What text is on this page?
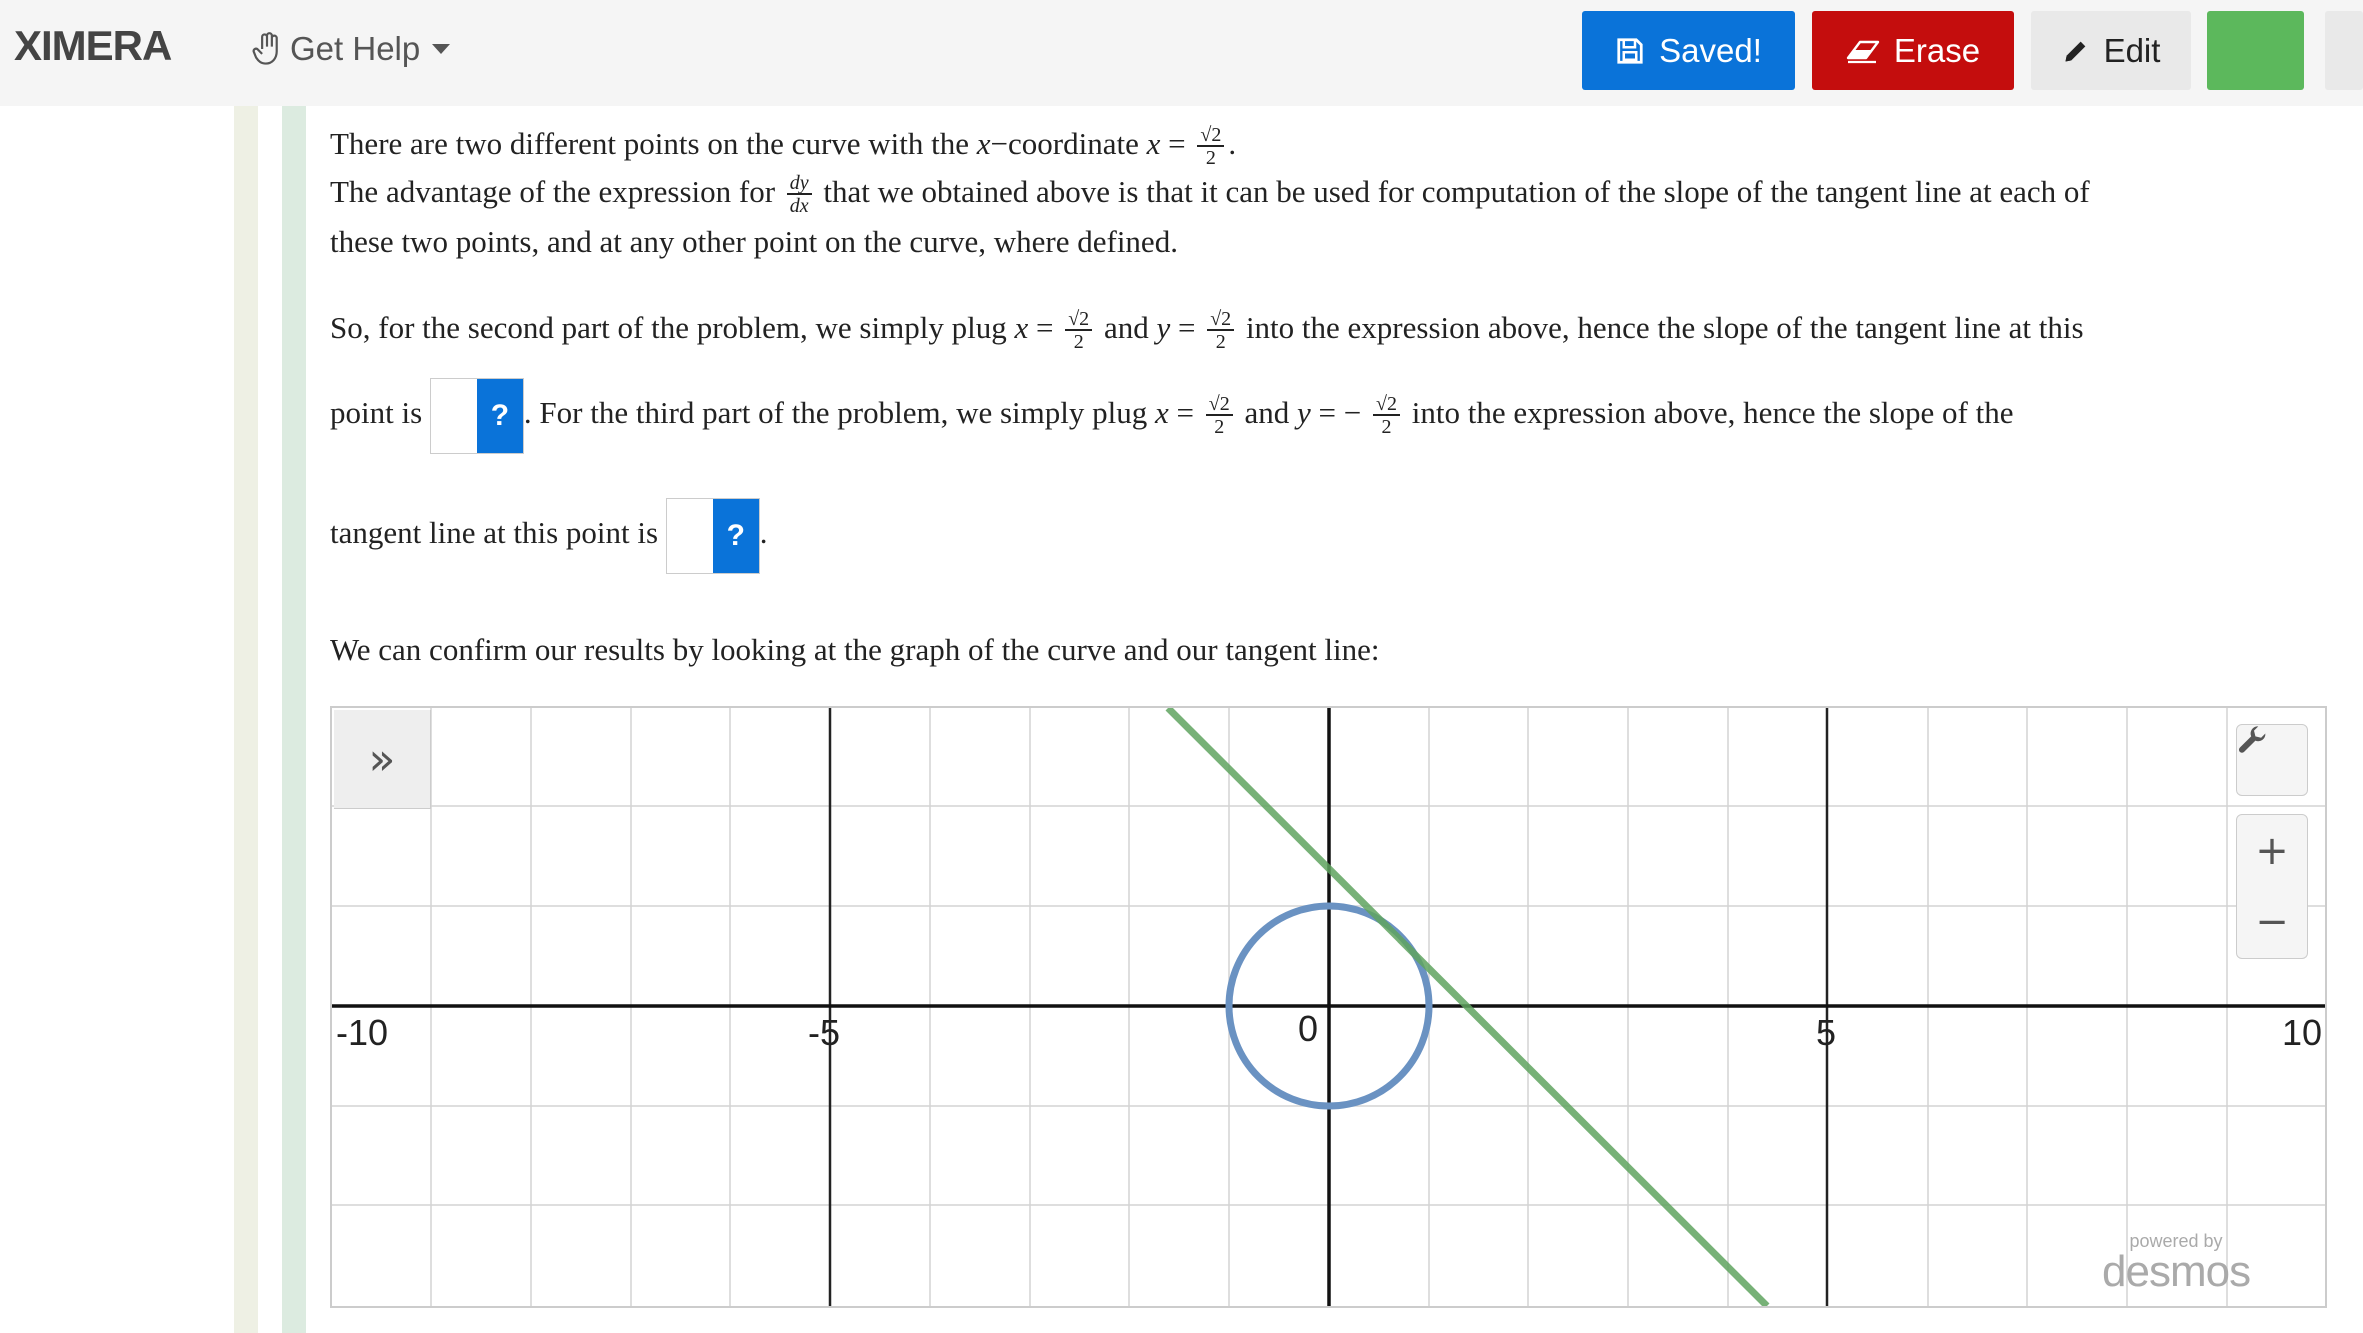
XIMERA	Get Help	Saved!	Erase	Edit
There are two different points on the curve with the x−coordinate $x = \frac{√2}{2}$ .
The advantage of the expression for $\frac{dy}{dx}$ that we obtained above is that it can be used for computation of the slope of the tangent line at each of
these two points, and at any other point on the curve, where defined.
So, for the second part of the problem, we simply plug $x = \frac{√2}{2}$ and $y = \frac{√2}{2}$ into the expression above, hence the slope of the tangent line at this
point is	? . For the third part of the problem, we simply plug $x = \frac{√2}{2}$ and y = − $\frac{√2}{2}$ into the expression above, hence the slope of the
tangent line at this point is	? .
We can confirm our results by looking at the graph of the curve and our tangent line:
-10	-5	0	5	10
»
+
−
powered by
desmos
